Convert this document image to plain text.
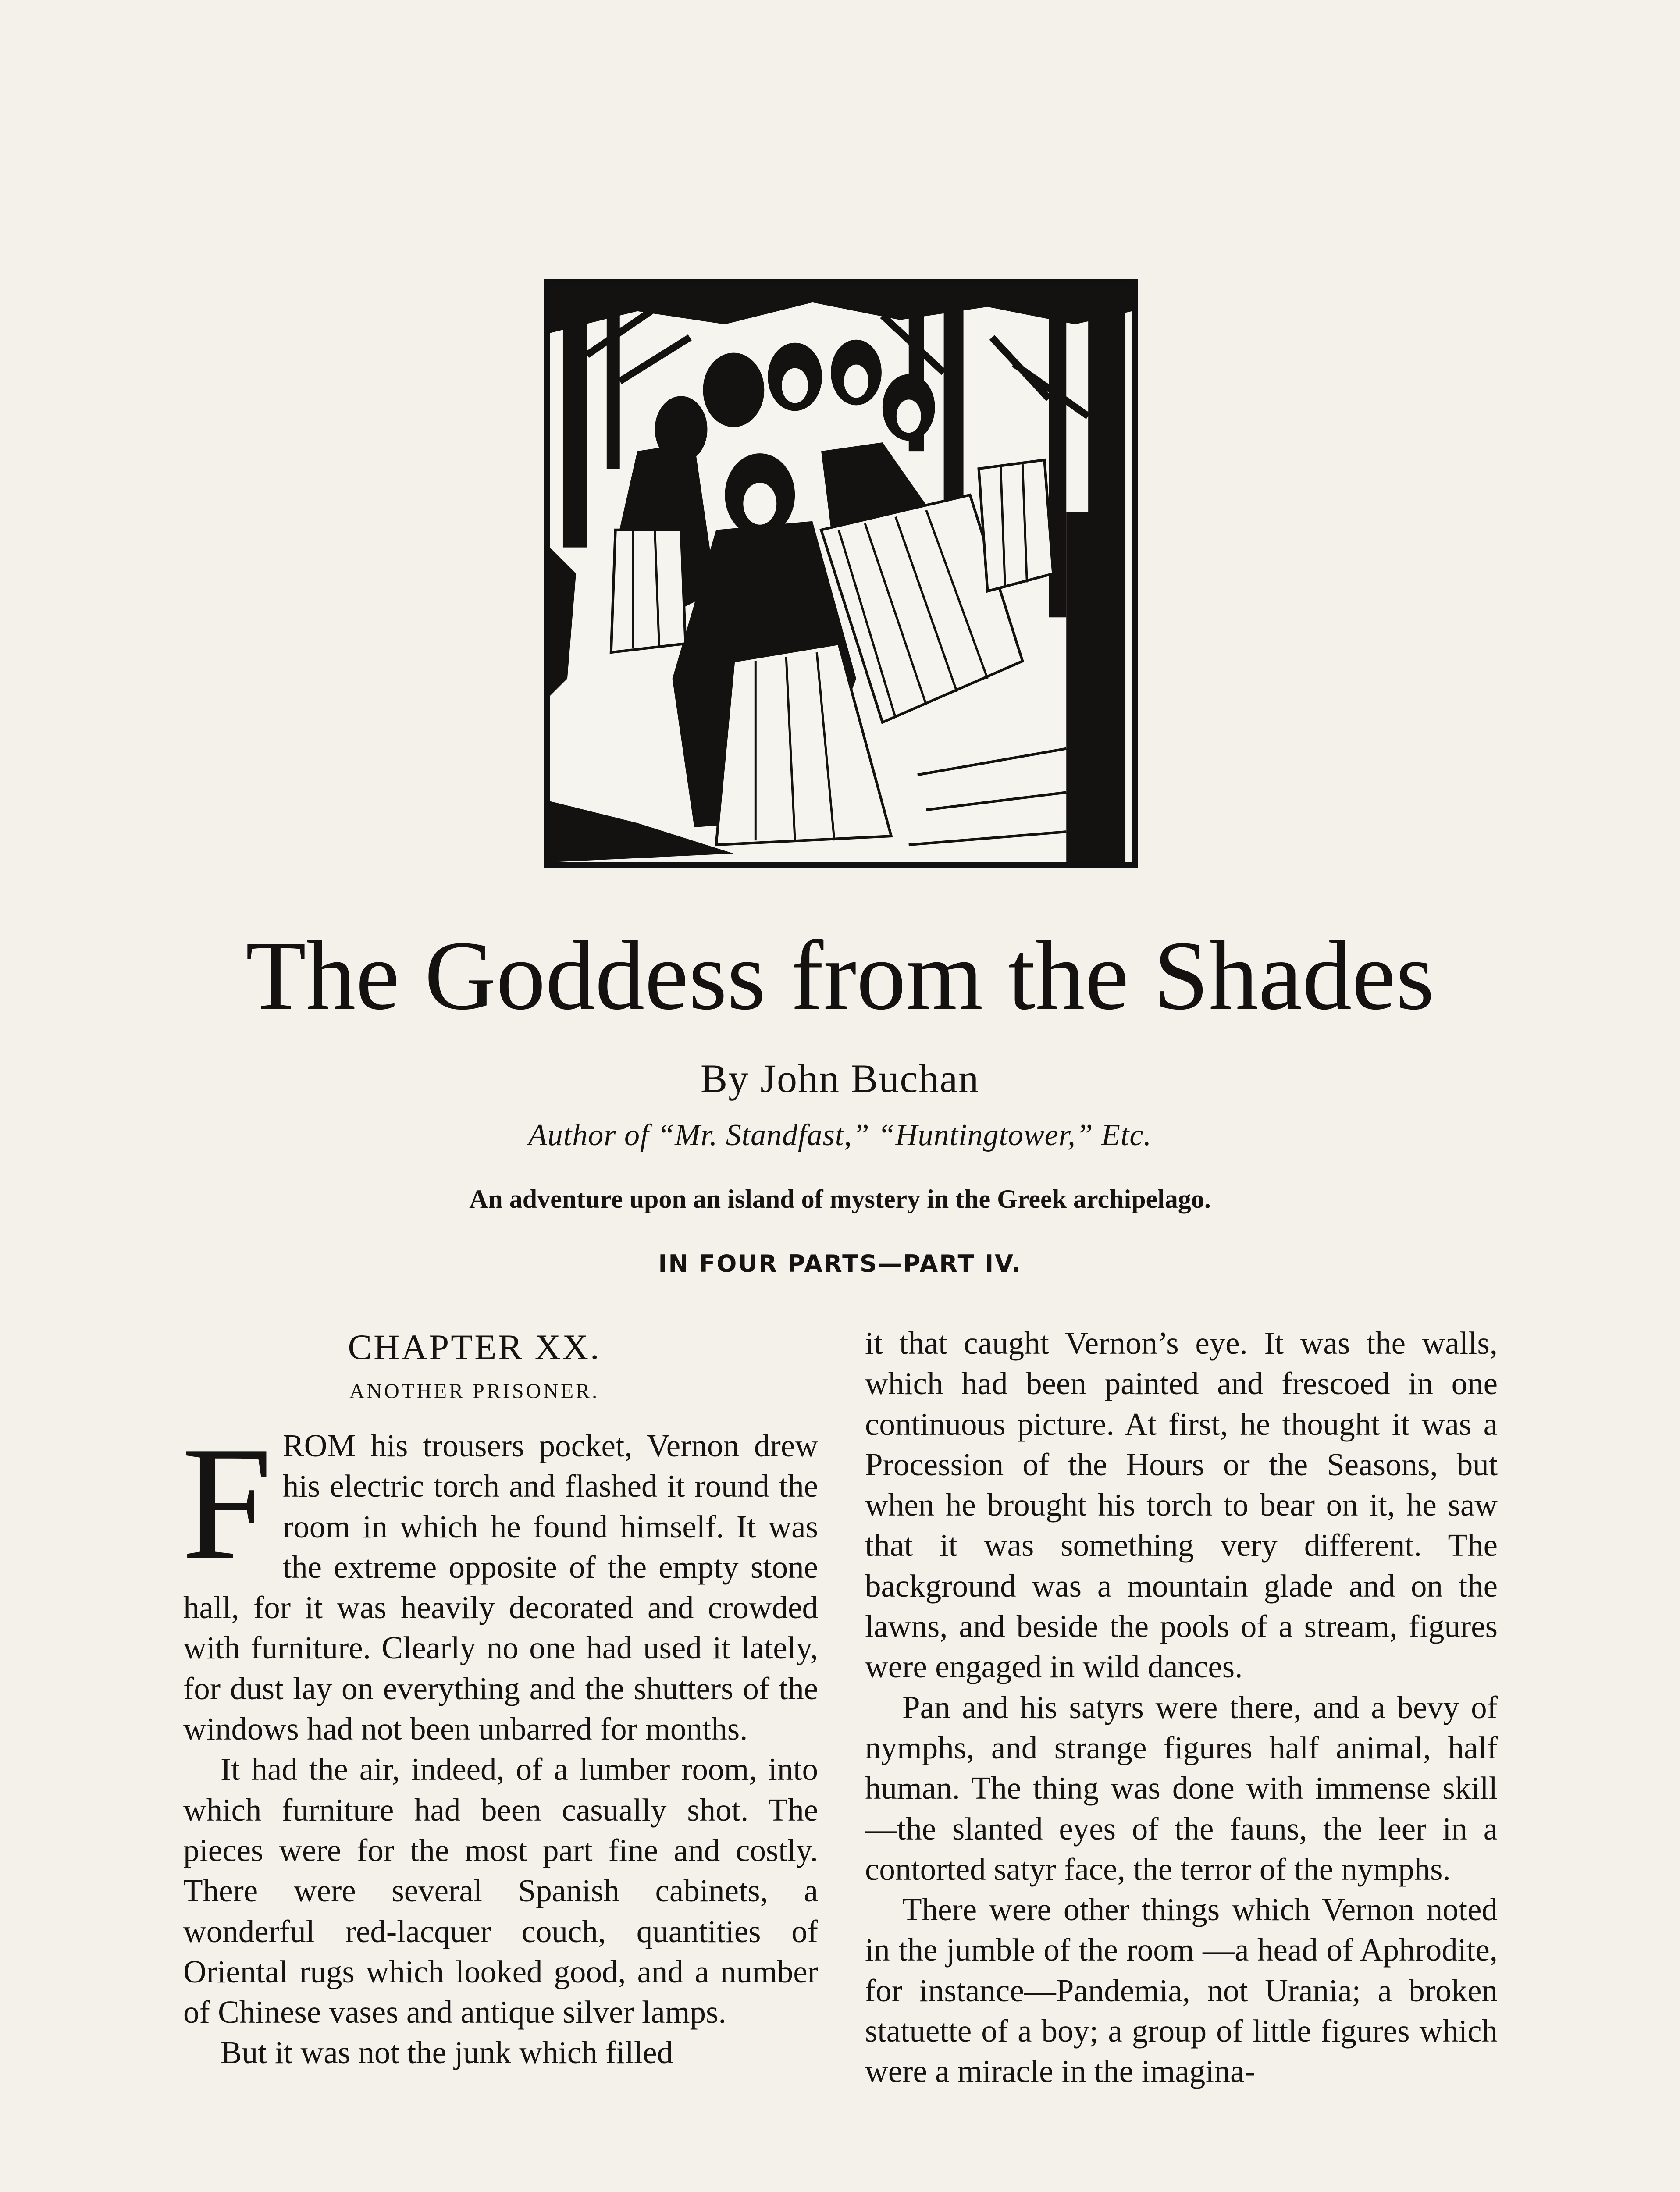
The Goddess from the Shades
By John Buchan
Author of “Mr. Standfast,” “Huntingtower,” Etc.
An adventure upon an island of mystery in the Greek archipelago.
IN FOUR PARTS—PART IV.
CHAPTER XX.
ANOTHER PRISONER.

FROM his trousers pocket, Vernon drew his electric torch and flashed it round the room in which he found himself. It was the extreme opposite of the empty stone hall, for it was heavily decorated and crowded with furniture. Clearly no one had used it lately, for dust lay on everything and the shutters of the windows had not been unbarred for months.

It had the air, indeed, of a lumber room, into which furniture had been casually shot. The pieces were for the most part fine and costly. There were several Spanish cabinets, a wonderful red-lacquer couch, quantities of Oriental rugs which looked good, and a number of Chinese vases and antique silver lamps.

But it was not the junk which filled

it that caught Vernon’s eye. It was the walls, which had been painted and frescoed in one continuous picture. At first, he thought it was a Procession of the Hours or the Seasons, but when he brought his torch to bear on it, he saw that it was something very different. The background was a mountain glade and on the lawns, and beside the pools of a stream, figures were engaged in wild dances.

Pan and his satyrs were there, and a bevy of nymphs, and strange figures half animal, half human. The thing was done with immense skill—the slanted eyes of the fauns, the leer in a contorted satyr face, the terror of the nymphs.

There were other things which Vernon noted in the jumble of the room —a head of Aphrodite, for instance—Pandemia, not Urania; a broken statuette of a boy; a group of little figures which were a miracle in the imagina-
